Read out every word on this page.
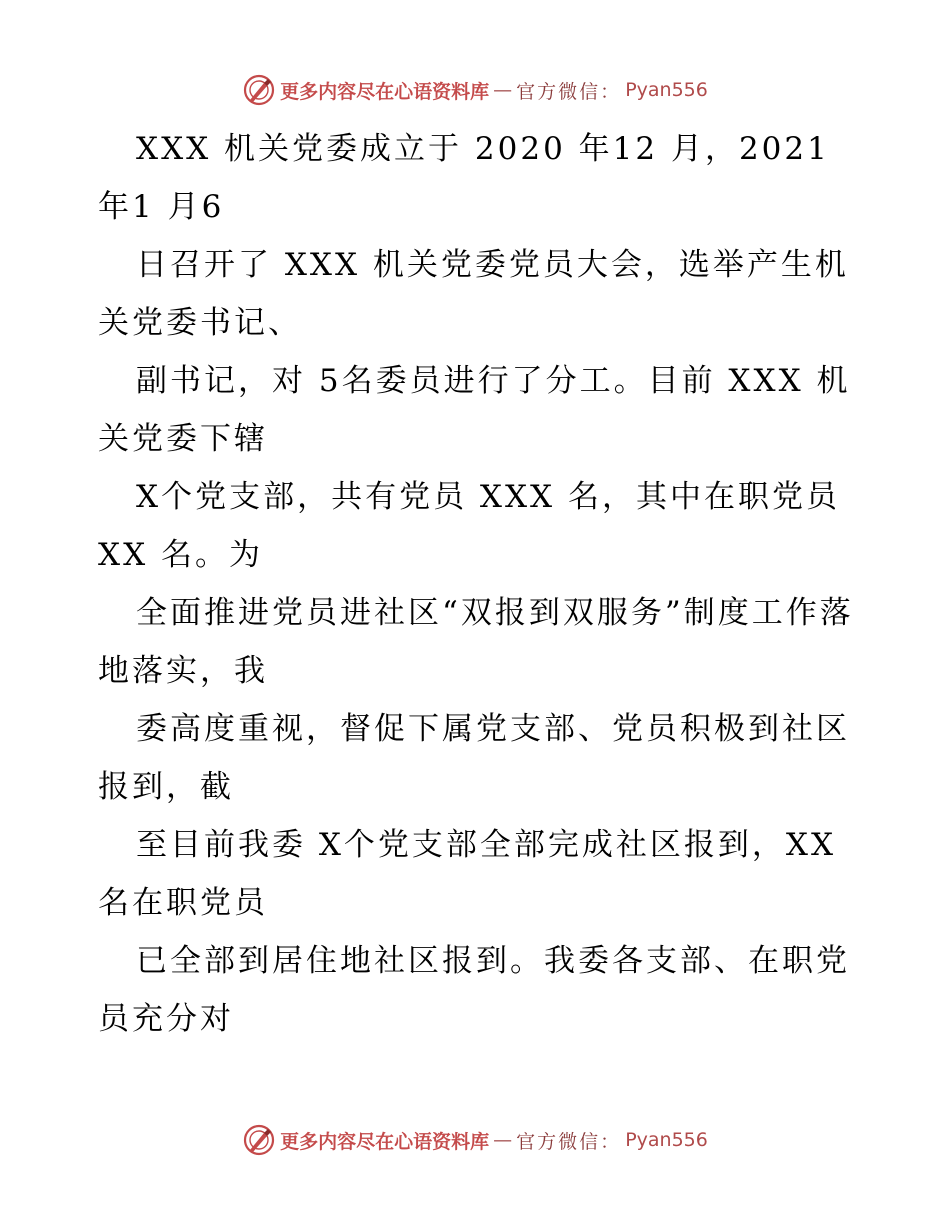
更多内容尽在心语资料库 — 官方微信： Pyan556

XXX 机关党委成立于 2020 年12 月，2021 年1 月6

日召开了 XXX 机关党委党员大会，选举产生机关党委书记、

副书记，对 5名委员进行了分工。目前 XXX 机关党委下辖

X个党支部，共有党员 XXX 名，其中在职党员 XX 名。为

全面推进党员进社区“双报到双服务”制度工作落地落实，我

委高度重视，督促下属党支部、党员积极到社区报到，截

至目前我委 X个党支部全部完成社区报到，XX 名在职党员

已全部到居住地社区报到。我委各支部、在职党员充分对

更多内容尽在心语资料库 — 官方微信： Pyan556
